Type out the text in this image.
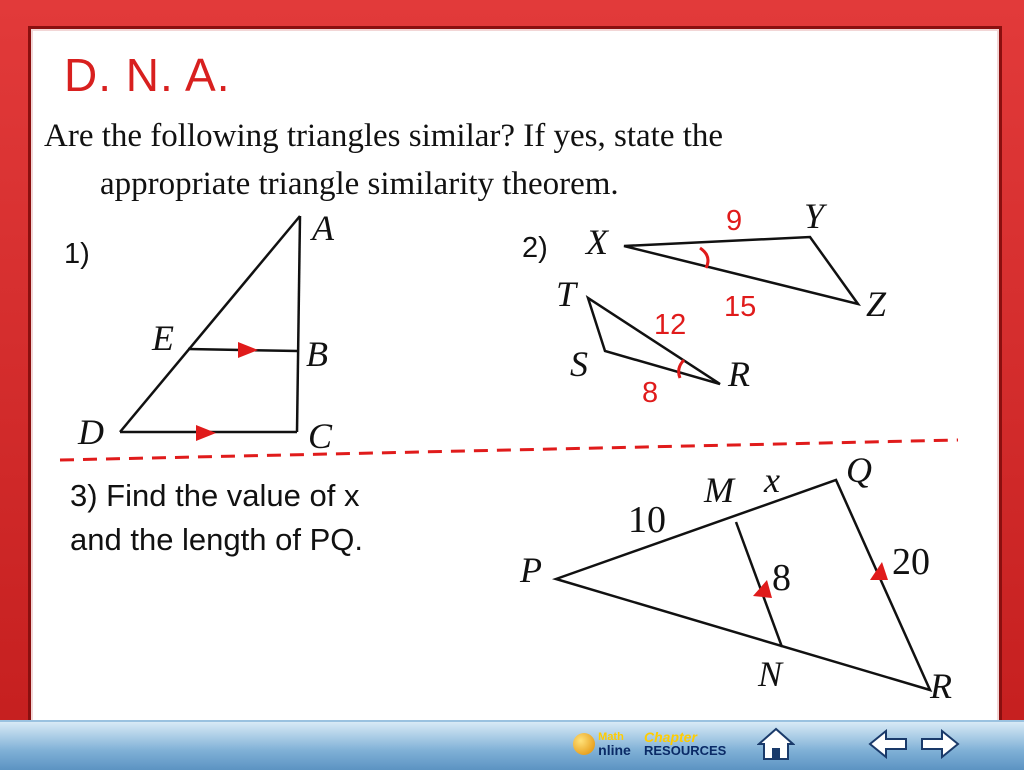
D. N. A.
Are the following triangles similar? If yes, state the
appropriate triangle similarity theorem.
1)	2)
3) Find the value of x and the length of PQ.
A
B
C
D
E
X
Y
Z
T
S	R
9
15
12
8
P
Q
M
N	R
x
10
8	20
Math
nline
Chapter
RESOURCES
